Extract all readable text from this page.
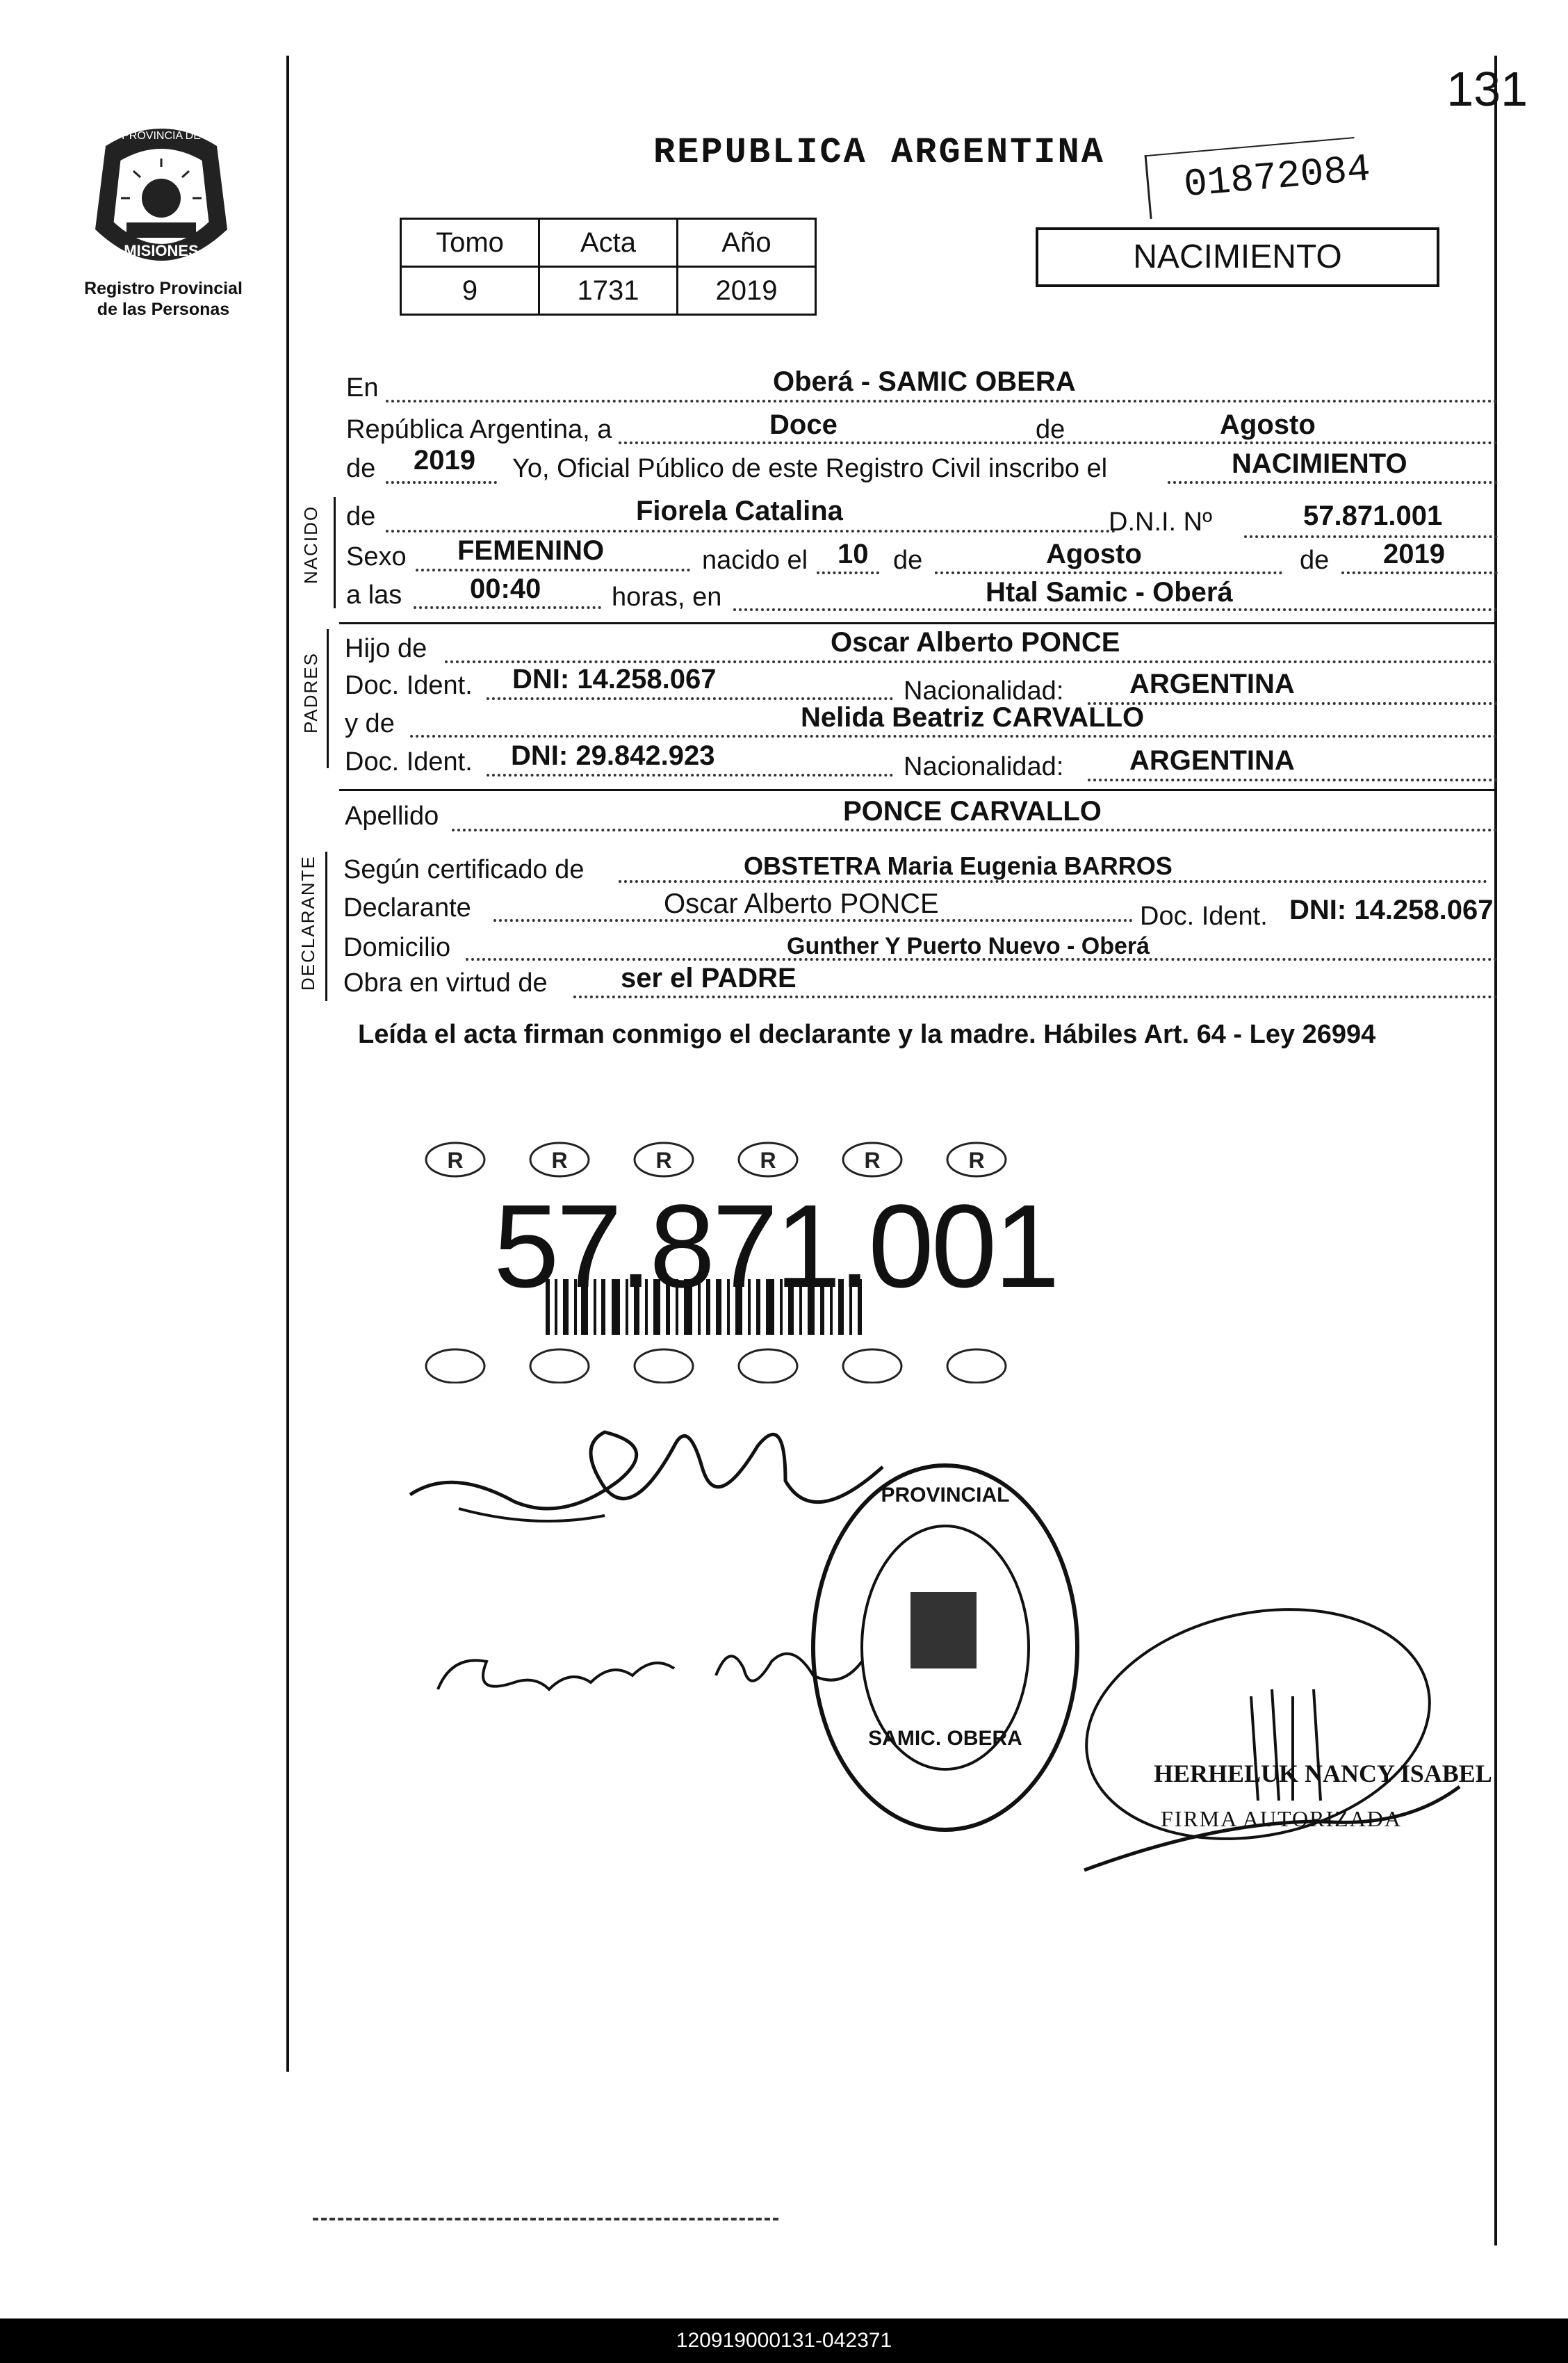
131
PROVINCIA DE
MISIONES
Registro Provincial
de las Personas
REPUBLICA ARGENTINA 01872084
Tomo	Acta	Año
9	1731	2019
NACIMIENTO
En	Oberá - SAMIC OBERA
República Argentina, a	Doce	de	Agosto
de 2019 Yo, Oficial Público de este Registro Civil inscribo el	NACIMIENTO
NACIDO de	Fiorela Catalina	D.N.I. Nº	57.871.001
Sexo FEMENINO	nacido el 10 de	Agosto	de 2019
a las 00:40	horas, en	Htal Samic - Oberá
PADRES
Hijo de	Oscar Alberto PONCE
Doc. Ident. DNI: 14.258.067	Nacionalidad: ARGENTINA
y de	Nelida Beatriz CARVALLO
Doc. Ident. DNI: 29.842.923	Nacionalidad: ARGENTINA
Apellido	PONCE CARVALLO
DECLARANTE Según certificado de	OBSTETRA Maria Eugenia BARROS
Declarante	Oscar Alberto PONCE	Doc. Ident. DNI: 14.258.067
Domicilio	Gunther Y Puerto Nuevo - Oberá
Obra en virtud de	ser el PADRE
Leída el acta firman conmigo el declarante y la madre. Hábiles Art. 64 - Ley 26994
R	R	R	R	R	R
57.871.001
PROVINCIAL
SAMIC. OBERA
HERHELUK NANCY ISABEL
FIRMA AUTORIZADA
120919000131-042371
